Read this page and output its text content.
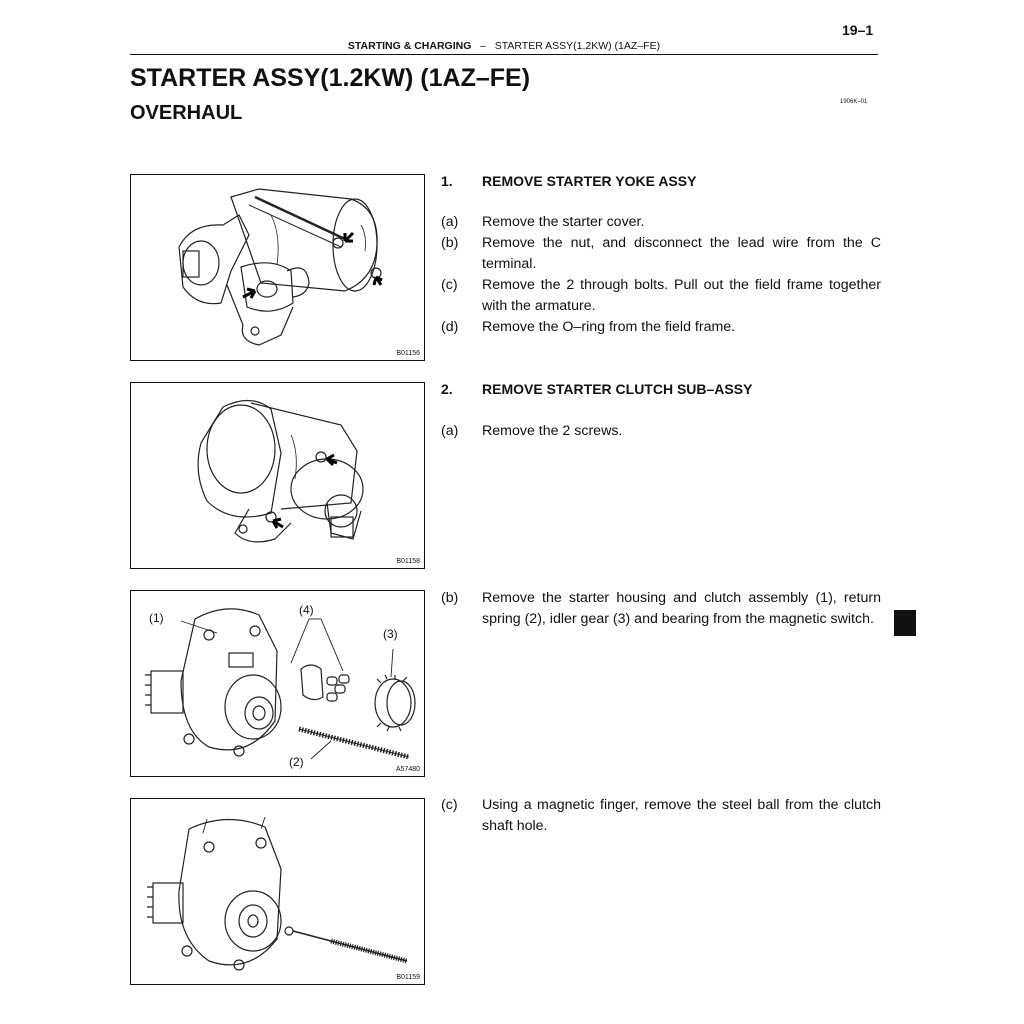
19–1
STARTING & CHARGING – STARTER ASSY(1.2KW) (1AZ–FE)
STARTER ASSY(1.2KW) (1AZ–FE)
OVERHAUL	1906K–01
B01156
B01158
(1)
(2)
(3)
(4)
A57480
B01159
1. REMOVE STARTER YOKE ASSY
(a) Remove the starter cover.
(b) Remove the nut, and disconnect the lead wire from the C terminal.
(c) Remove the 2 through bolts. Pull out the field frame together with the armature.
(d) Remove the O–ring from the field frame.
2. REMOVE STARTER CLUTCH SUB–ASSY
(a) Remove the 2 screws.
(b) Remove the starter housing and clutch assembly (1), return spring (2), idler gear (3) and bearing from the magnetic switch.
(c) Using a magnetic finger, remove the steel ball from the clutch shaft hole.
